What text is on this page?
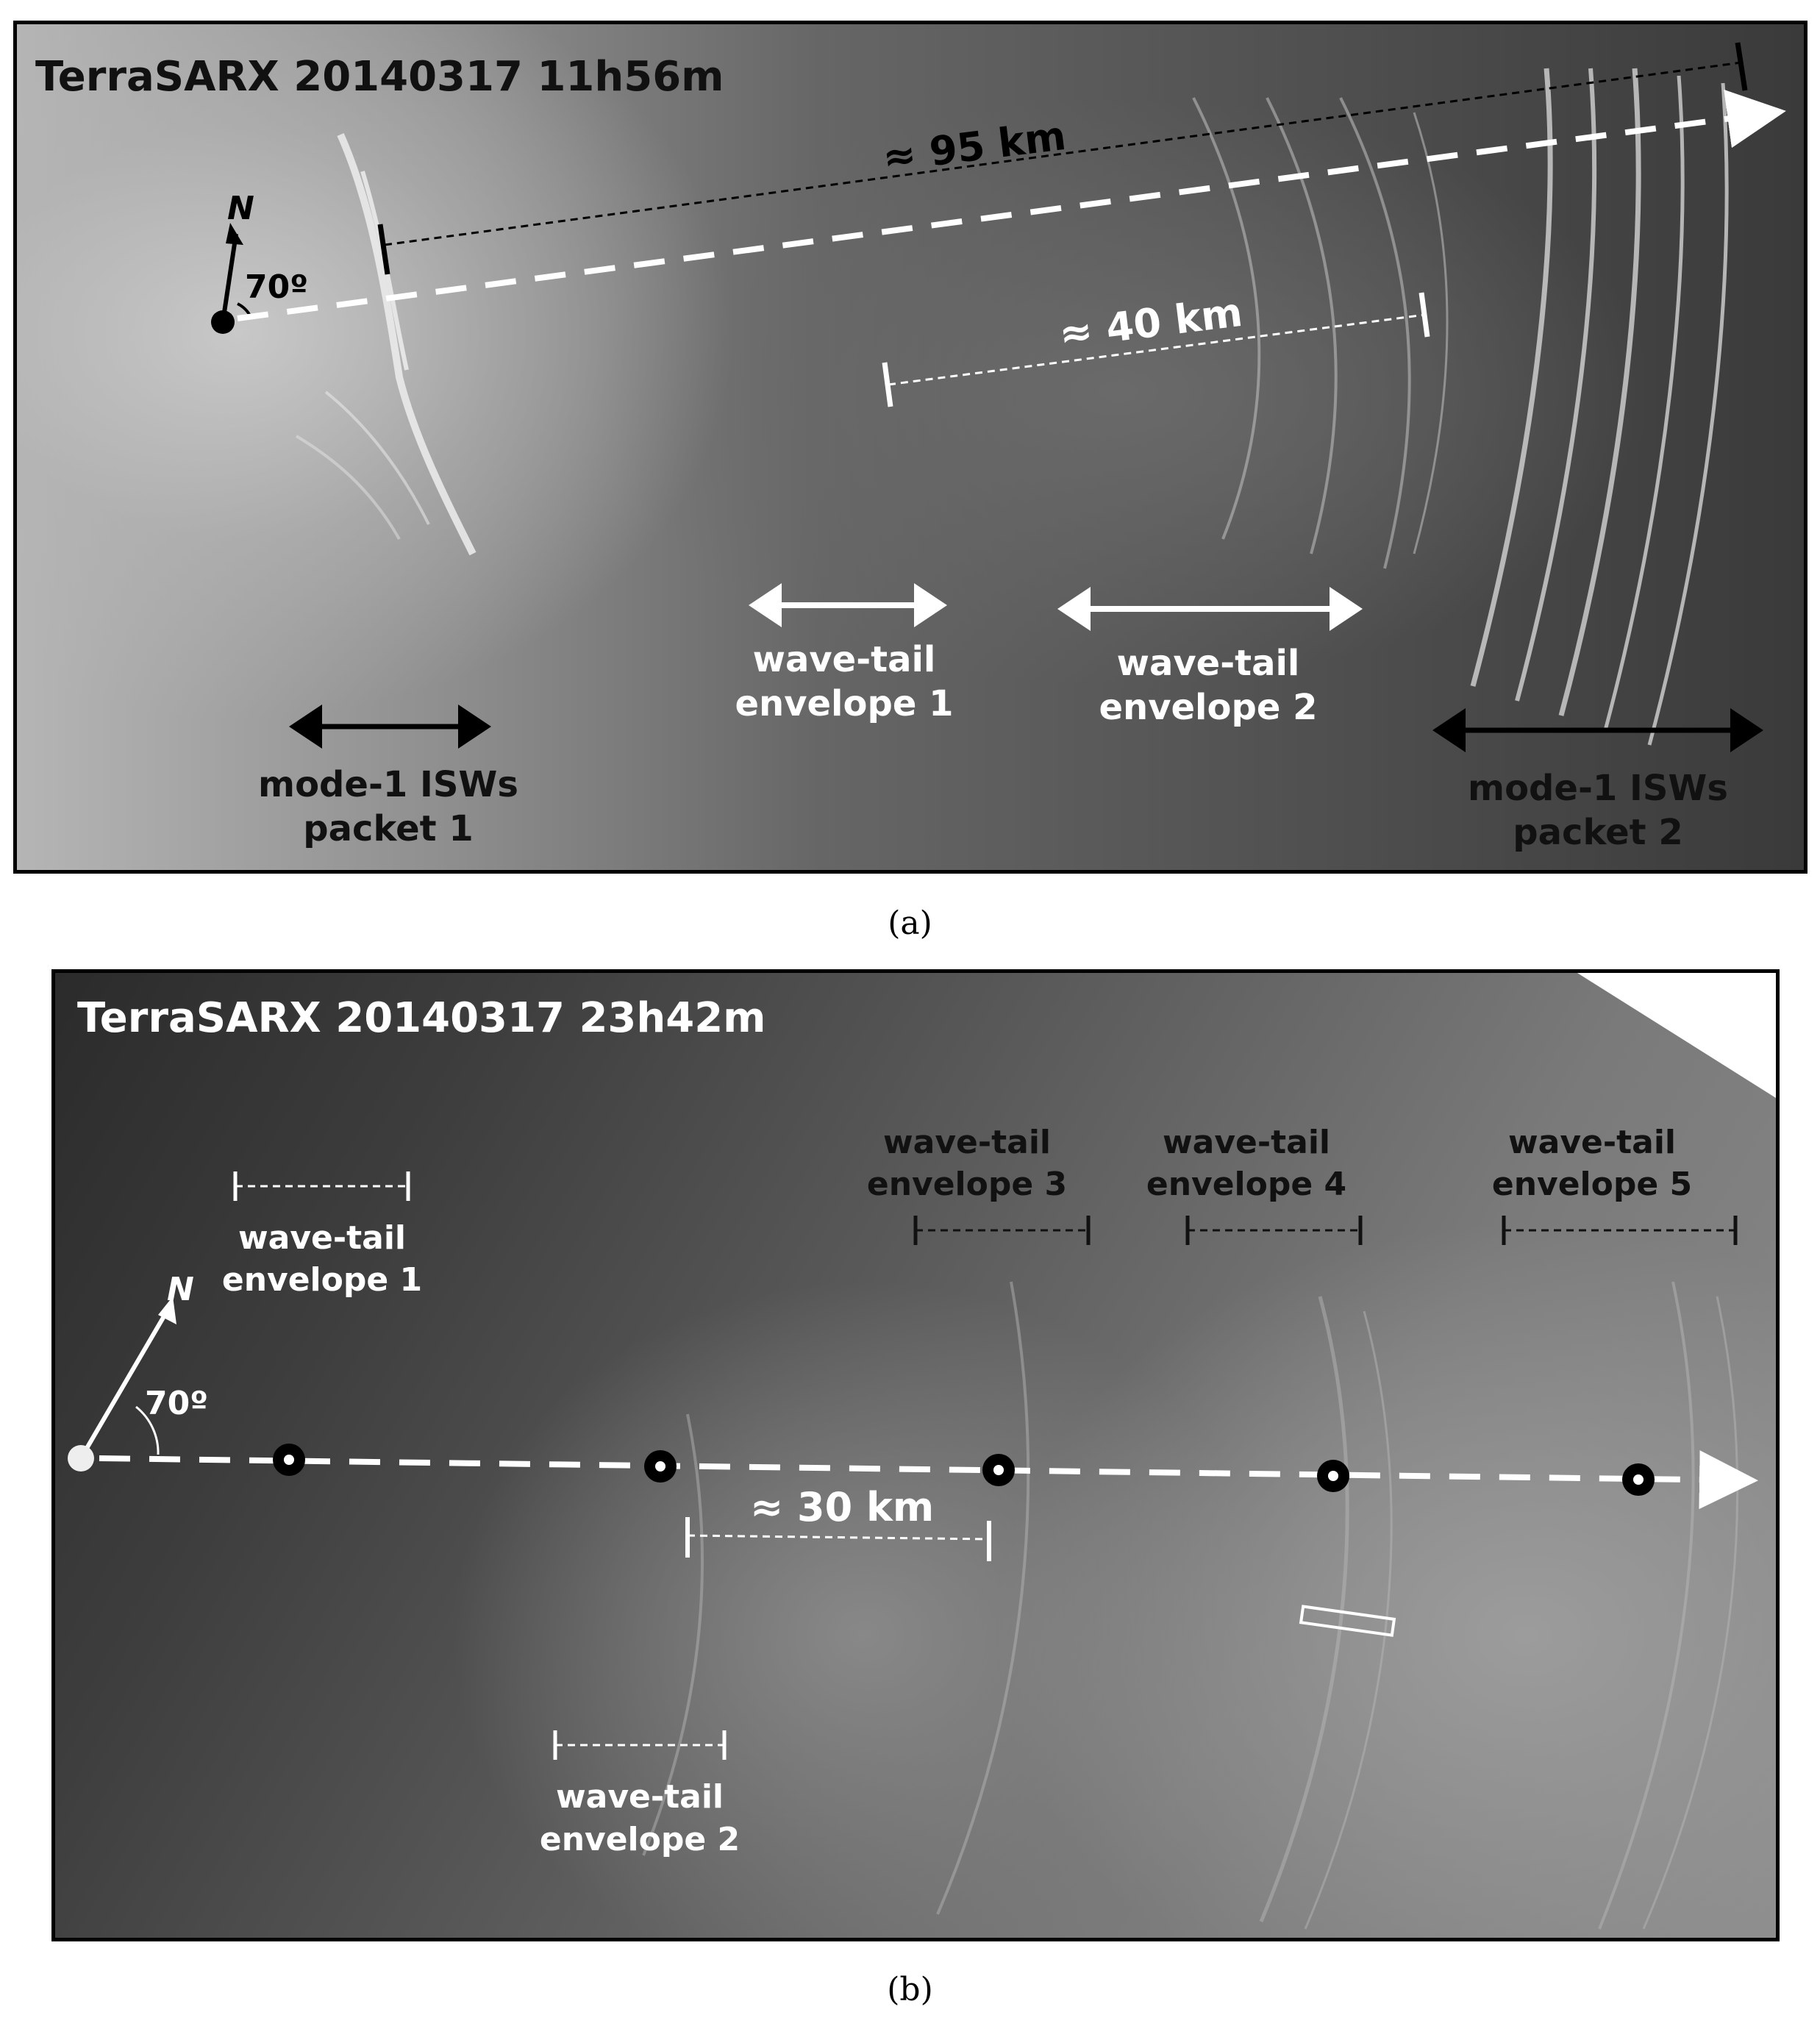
TerraSARX 20140317 11h56m
N
70º
≈ 95 km
≈ 40 km
wave-tail
envelope 1
wave-tail
envelope 2
mode-1 ISWs
packet 1
mode-1 ISWs
packet 2
(a)
TerraSARX 20140317 23h42m
N
70º
≈ 30 km
wave-tail
envelope 1
wave-tail
envelope 2
wave-tail
envelope 3
wave-tail
envelope 4
wave-tail
envelope 5
(b)
